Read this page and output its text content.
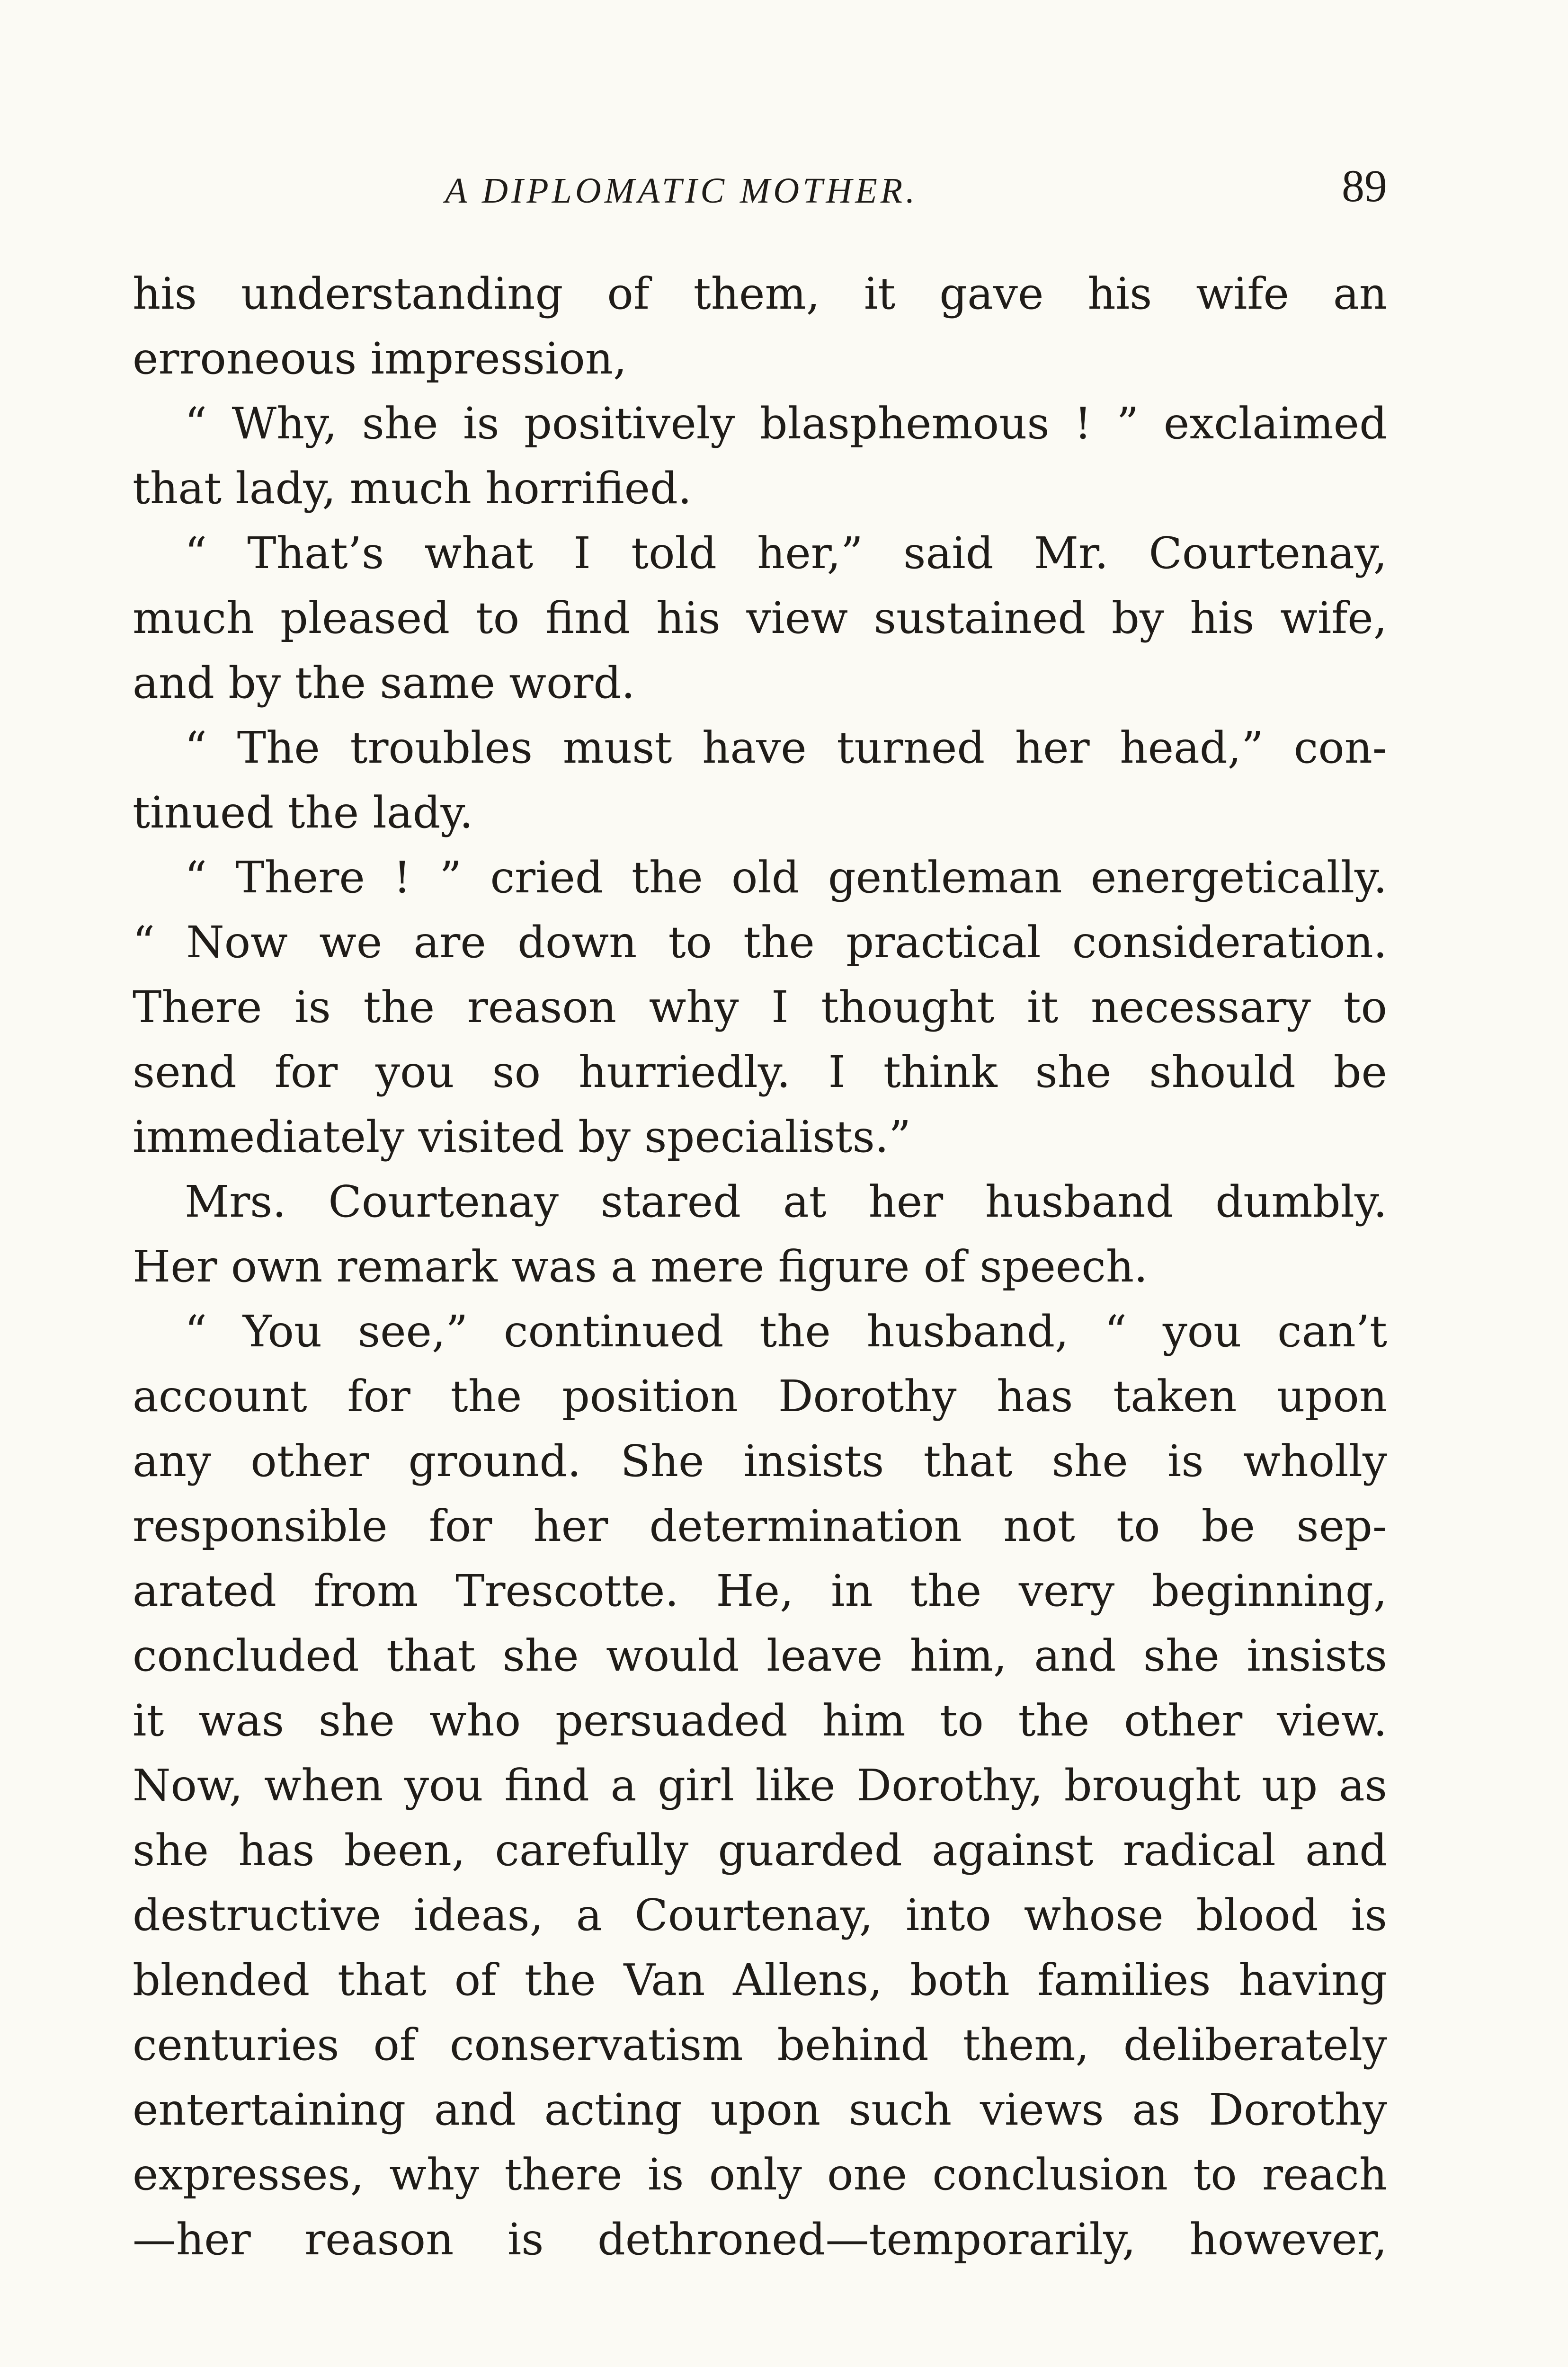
A DIPLOMATIC MOTHER.	89
his understanding of them, it gave his wife an
erroneous impression,
“ Why, she is positively blasphemous ! ” exclaimed
that lady, much horrified.
“ That’s what I told her,” said Mr. Courtenay,
much pleased to find his view sustained by his wife,
and by the same word.
“ The troubles must have turned her head,” con-
tinued the lady.
“ There ! ” cried the old gentleman energetically.
“ Now we are down to the practical consideration.
There is the reason why I thought it necessary to
send for you so hurriedly. I think she should be
immediately visited by specialists.”
Mrs. Courtenay stared at her husband dumbly.
Her own remark was a mere figure of speech.
“ You see,” continued the husband, “ you can’t
account for the position Dorothy has taken upon
any other ground. She insists that she is wholly
responsible for her determination not to be sep-
arated from Trescotte. He, in the very beginning,
concluded that she would leave him, and she insists
it was she who persuaded him to the other view.
Now, when you find a girl like Dorothy, brought up as
she has been, carefully guarded against radical and
destructive ideas, a Courtenay, into whose blood is
blended that of the Van Allens, both families having
centuries of conservatism behind them, deliberately
entertaining and acting upon such views as Dorothy
expresses, why there is only one conclusion to reach
—her reason is dethroned—temporarily, however,
